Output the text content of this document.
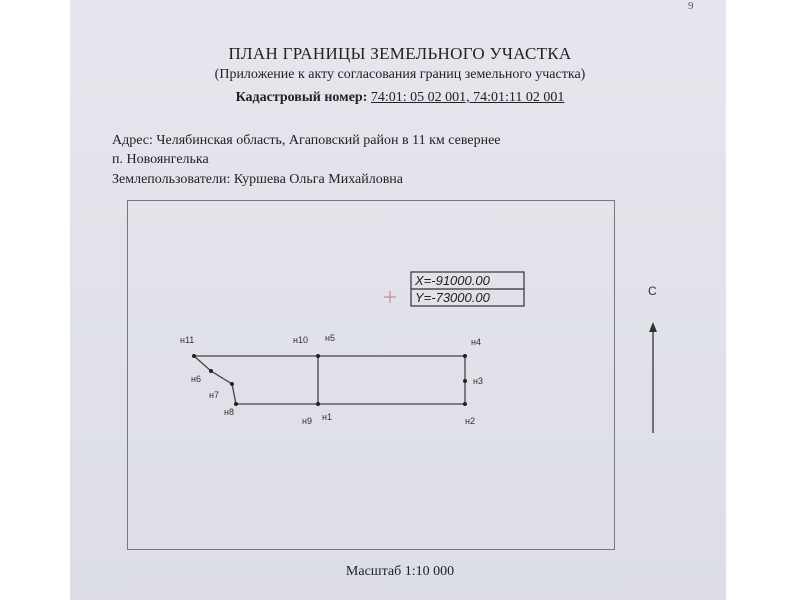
9
ПЛАН ГРАНИЦЫ ЗЕМЕЛЬНОГО УЧАСТКА
(Приложение к акту согласования границ земельного участка)
Кадастровый номер: 74:01: 05 02 001, 74:01:11 02 001
Адрес: Челябинская область, Агаповский район в 11 км севернее
п. Новоянгелька
Землепользователи: Куршева Ольга Михайловна
X=-91000.00
Y=-73000.00
н11	н10 н5	н4
н6
н7
н3
н8
н9 н1	н2
С
Масштаб 1:10 000
